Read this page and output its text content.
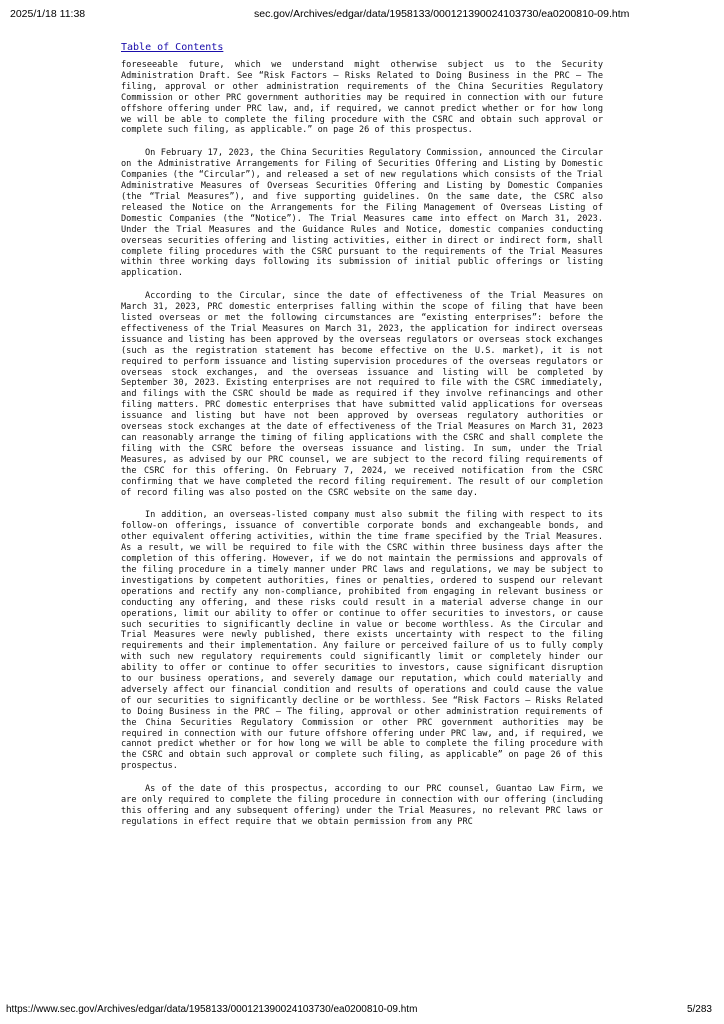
2025/1/18 11:38	sec.gov/Archives/edgar/data/1958133/000121390024103730/ea0200810-09.htm
Table of Contents

foreseeable future, which we understand might otherwise subject us to the Security Administration Draft. See “Risk Factors — Risks Related to Doing Business in the PRC — The filing, approval or other administration requirements of the China Securities Regulatory Commission or other PRC government authorities may be required in connection with our future offshore offering under PRC law, and, if required, we cannot predict whether or for how long we will be able to complete the filing procedure with the CSRC and obtain such approval or complete such filing, as applicable.” on page 26 of this prospectus.

On February 17, 2023, the China Securities Regulatory Commission, announced the Circular on the Administrative Arrangements for Filing of Securities Offering and Listing by Domestic Companies (the “Circular”), and released a set of new regulations which consists of the Trial Administrative Measures of Overseas Securities Offering and Listing by Domestic Companies (the “Trial Measures”), and five supporting guidelines. On the same date, the CSRC also released the Notice on the Arrangements for the Filing Management of Overseas Listing of Domestic Companies (the “Notice”). The Trial Measures came into effect on March 31, 2023. Under the Trial Measures and the Guidance Rules and Notice, domestic companies conducting overseas securities offering and listing activities, either in direct or indirect form, shall complete filing procedures with the CSRC pursuant to the requirements of the Trial Measures within three working days following its submission of initial public offerings or listing application.

According to the Circular, since the date of effectiveness of the Trial Measures on March 31, 2023, PRC domestic enterprises falling within the scope of filing that have been listed overseas or met the following circumstances are “existing enterprises”: before the effectiveness of the Trial Measures on March 31, 2023, the application for indirect overseas issuance and listing has been approved by the overseas regulators or overseas stock exchanges (such as the registration statement has become effective on the U.S. market), it is not required to perform issuance and listing supervision procedures of the overseas regulators or overseas stock exchanges, and the overseas issuance and listing will be completed by September 30, 2023. Existing enterprises are not required to file with the CSRC immediately, and filings with the CSRC should be made as required if they involve refinancings and other filing matters. PRC domestic enterprises that have submitted valid applications for overseas issuance and listing but have not been approved by overseas regulatory authorities or overseas stock exchanges at the date of effectiveness of the Trial Measures on March 31, 2023 can reasonably arrange the timing of filing applications with the CSRC and shall complete the filing with the CSRC before the overseas issuance and listing. In sum, under the Trial Measures, as advised by our PRC counsel, we are subject to the record filing requirements of the CSRC for this offering. On February 7, 2024, we received notification from the CSRC confirming that we have completed the record filing requirement. The result of our completion of record filing was also posted on the CSRC website on the same day.

In addition, an overseas-listed company must also submit the filing with respect to its follow-on offerings, issuance of convertible corporate bonds and exchangeable bonds, and other equivalent offering activities, within the time frame specified by the Trial Measures. As a result, we will be required to file with the CSRC within three business days after the completion of this offering. However, if we do not maintain the permissions and approvals of the filing procedure in a timely manner under PRC laws and regulations, we may be subject to investigations by competent authorities, fines or penalties, ordered to suspend our relevant operations and rectify any non-compliance, prohibited from engaging in relevant business or conducting any offering, and these risks could result in a material adverse change in our operations, limit our ability to offer or continue to offer securities to investors, or cause such securities to significantly decline in value or become worthless. As the Circular and Trial Measures were newly published, there exists uncertainty with respect to the filing requirements and their implementation. Any failure or perceived failure of us to fully comply with such new regulatory requirements could significantly limit or completely hinder our ability to offer or continue to offer securities to investors, cause significant disruption to our business operations, and severely damage our reputation, which could materially and adversely affect our financial condition and results of operations and could cause the value of our securities to significantly decline or be worthless. See “Risk Factors — Risks Related to Doing Business in the PRC — The filing, approval or other administration requirements of the China Securities Regulatory Commission or other PRC government authorities may be required in connection with our future offshore offering under PRC law, and, if required, we cannot predict whether or for how long we will be able to complete the filing procedure with the CSRC and obtain such approval or complete such filing, as applicable” on page 26 of this prospectus.

As of the date of this prospectus, according to our PRC counsel, Guantao Law Firm, we are only required to complete the filing procedure in connection with our offering (including this offering and any subsequent offering) under the Trial Measures, no relevant PRC laws or regulations in effect require that we obtain permission from any PRC

https://www.sec.gov/Archives/edgar/data/1958133/000121390024103730/ea0200810-09.htm	5/283
